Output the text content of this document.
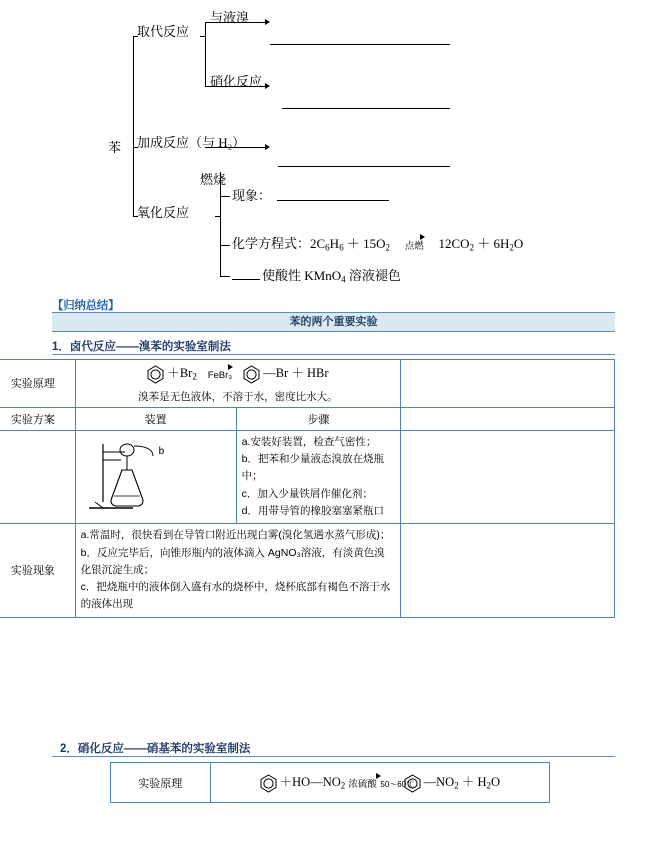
苯
取代反应
加成反应（与 H₂）
氧化反应
与液溴
硝化反应
燃烧
现象：
化学方程式：$2C_6H_6 + 15O_2$ 点燃 $12CO_2 + 6H_2O$
使酸性 KMnO$_4$ 溶液褪色
【归纳总结】
苯的两个重要实验
1．卤代反应——溴苯的实验室制法
实验原理	$+Br_2$ FeBr₃ —Br ＋ HBr
溴苯是无色液体，不溶于水，密度比水大。		

实验方案	装置	步骤	

	b	a.安装好装置，检查气密性；
b．把苯和少量液态溴放在烧瓶中；
c．加入少量铁屑作催化剂；
d．用带导管的橡胶塞塞紧瓶口	

实验现象	a.常温时，很快看到在导管口附近出现白雾(溴化氢遇水蒸气形成)；
b．反应完毕后，向锥形瓶内的液体滴入 AgNO₃溶液，有淡黄色溴化银沉淀生成；
c．把烧瓶中的液体倒入盛有水的烧杯中，烧杯底部有褐色不溶于水的液体出现		

2．硝化反应——硝基苯的实验室制法
实验原理	$+HO—NO_2$ 浓硫酸 50～60℃ $—NO_2 + H_2O$
